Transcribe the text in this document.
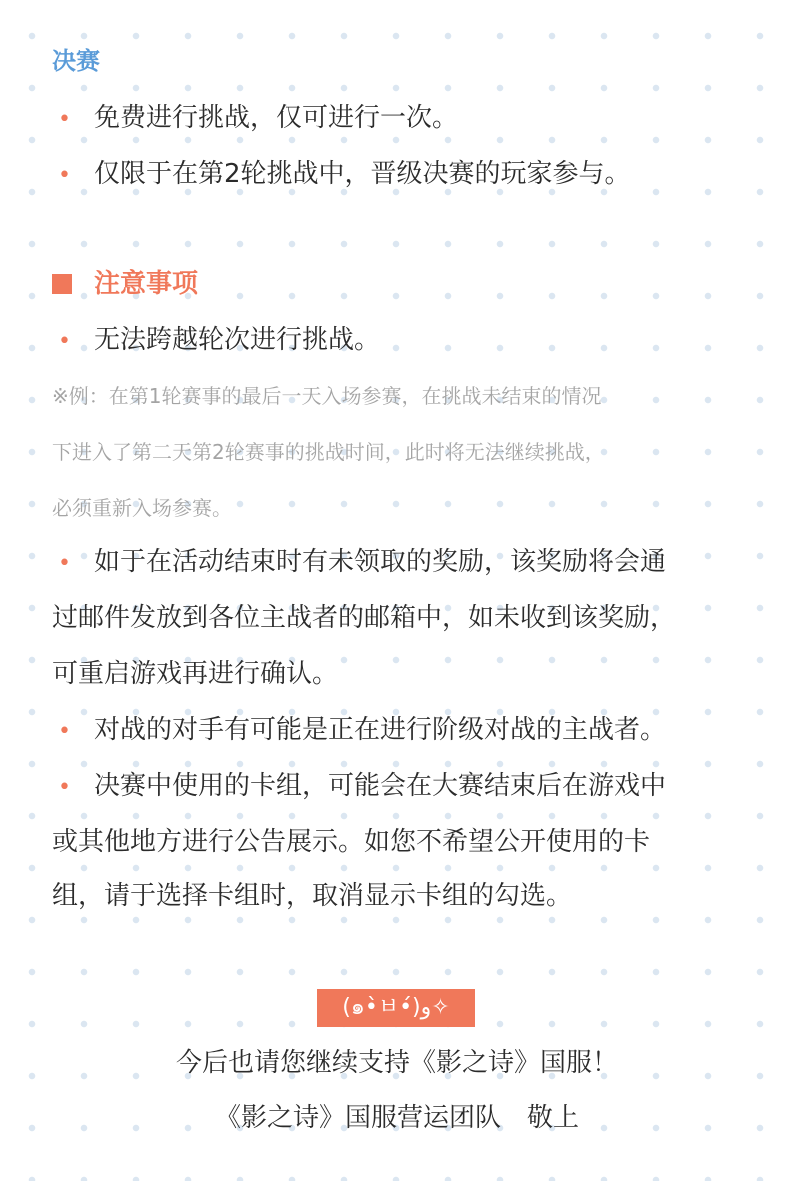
决赛
• 免费进行挑战，仅可进行一次。
• 仅限于在第2轮挑战中，晋级决赛的玩家参与。
注意事项
• 无法跨越轮次进行挑战。
※例：在第1轮赛事的最后一天入场参赛，在挑战未结束的情况
下进入了第二天第2轮赛事的挑战时间，此时将无法继续挑战，
必须重新入场参赛。
• 如于在活动结束时有未领取的奖励，该奖励将会通
过邮件发放到各位主战者的邮箱中，如未收到该奖励，
可重启游戏再进行确认。
• 对战的对手有可能是正在进行阶级对战的主战者。
• 决赛中使用的卡组，可能会在大赛结束后在游戏中
或其他地方进行公告展示。如您不希望公开使用的卡
组，请于选择卡组时，取消显示卡组的勾选。
(๑•̀ㅂ•́)و✧
今后也请您继续支持《影之诗》国服！
《影之诗》国服营运团队　敬上
